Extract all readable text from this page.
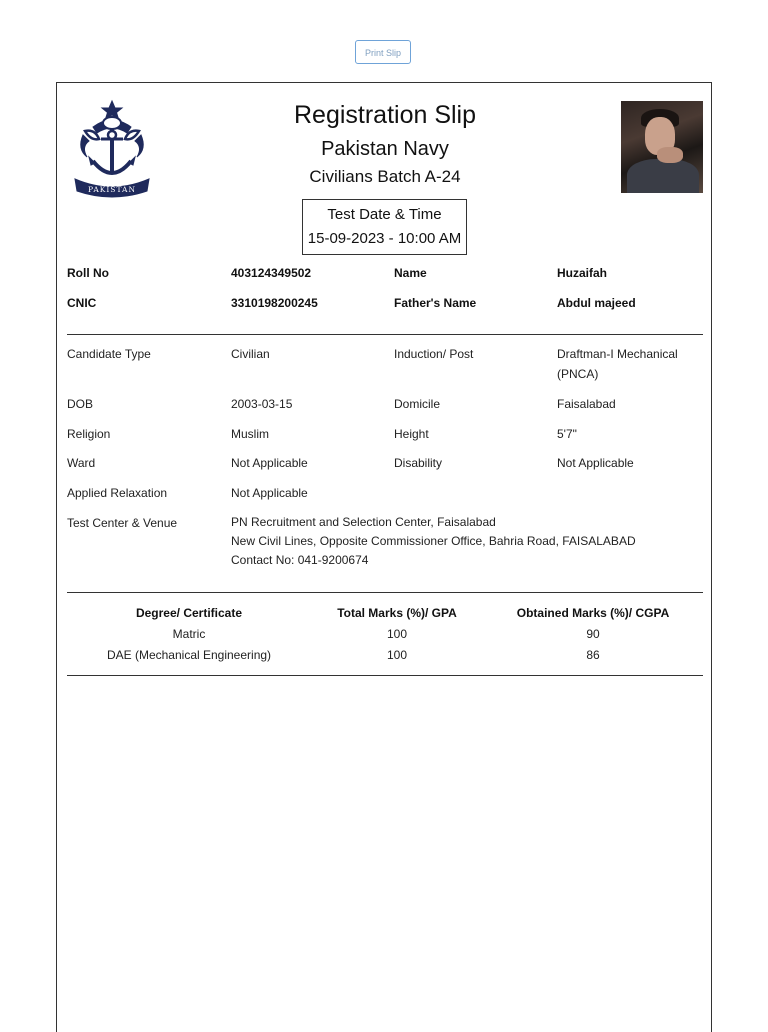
Print Slip
PAKISTAN
Registration Slip
Pakistan Navy
Civilians Batch A-24
Test Date & Time
15-09-2023 - 10:00 AM
Roll No	403124349502	Name	Huzaifah
CNIC	3310198200245	Father's Name	Abdul majeed
Candidate Type	Civilian	Induction/ Post	Draftman-I Mechanical (PNCA)
DOB	2003-03-15	Domicile	Faisalabad
Religion	Muslim	Height	5'7"
Ward	Not Applicable	Disability	Not Applicable
Applied Relaxation	Not Applicable
Test Center & Venue	PN Recruitment and Selection Center, Faisalabad
New Civil Lines, Opposite Commissioner Office, Bahria Road, FAISALABAD
Contact No: 041-9200674
Degree/ Certificate	Total Marks (%)/ GPA	Obtained Marks (%)/ CGPA
Matric	100	90
DAE (Mechanical Engineering)	100	86
